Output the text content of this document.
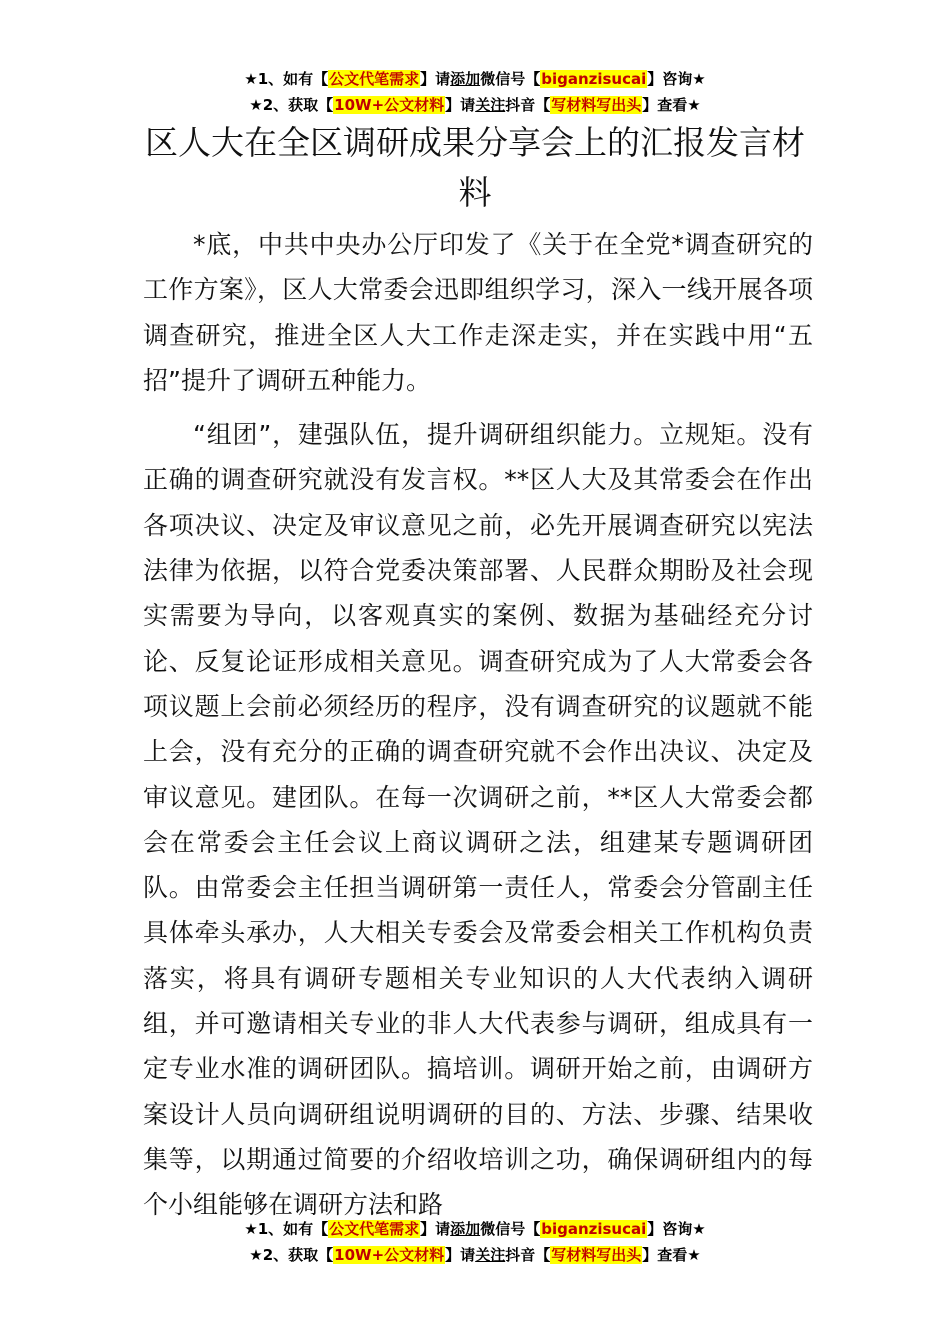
★1、如有【公文代笔需求】请添加微信号【biganzisucai】咨询★
★2、获取【10W+公文材料】请关注抖音【写材料写出头】查看★
区人大在全区调研成果分享会上的汇报发言材料

*底，中共中央办公厅印发了《关于在全党*调查研究的工作方案》，区人大常委会迅即组织学习，深入一线开展各项调查研究，推进全区人大工作走深走实，并在实践中用“五招”提升了调研五种能力。

“组团”，建强队伍，提升调研组织能力。立规矩。没有正确的调查研究就没有发言权。**区人大及其常委会在作出各项决议、决定及审议意见之前，必先开展调查研究以宪法法律为依据，以符合党委决策部署、人民群众期盼及社会现实需要为导向，以客观真实的案例、数据为基础经充分讨论、反复论证形成相关意见。调查研究成为了人大常委会各项议题上会前必须经历的程序，没有调查研究的议题就不能上会，没有充分的正确的调查研究就不会作出决议、决定及审议意见。建团队。在每一次调研之前，**区人大常委会都会在常委会主任会议上商议调研之法，组建某专题调研团队。由常委会主任担当调研第一责任人，常委会分管副主任具体牵头承办，人大相关专委会及常委会相关工作机构负责落实，将具有调研专题相关专业知识的人大代表纳入调研组，并可邀请相关专业的非人大代表参与调研，组成具有一定专业水准的调研团队。搞培训。调研开始之前，由调研方案设计人员向调研组说明调研的目的、方法、步骤、结果收集等，以期通过简要的介绍收培训之功，确保调研组内的每个小组能够在调研方法和路

★1、如有【公文代笔需求】请添加微信号【biganzisucai】咨询★
★2、获取【10W+公文材料】请关注抖音【写材料写出头】查看★
